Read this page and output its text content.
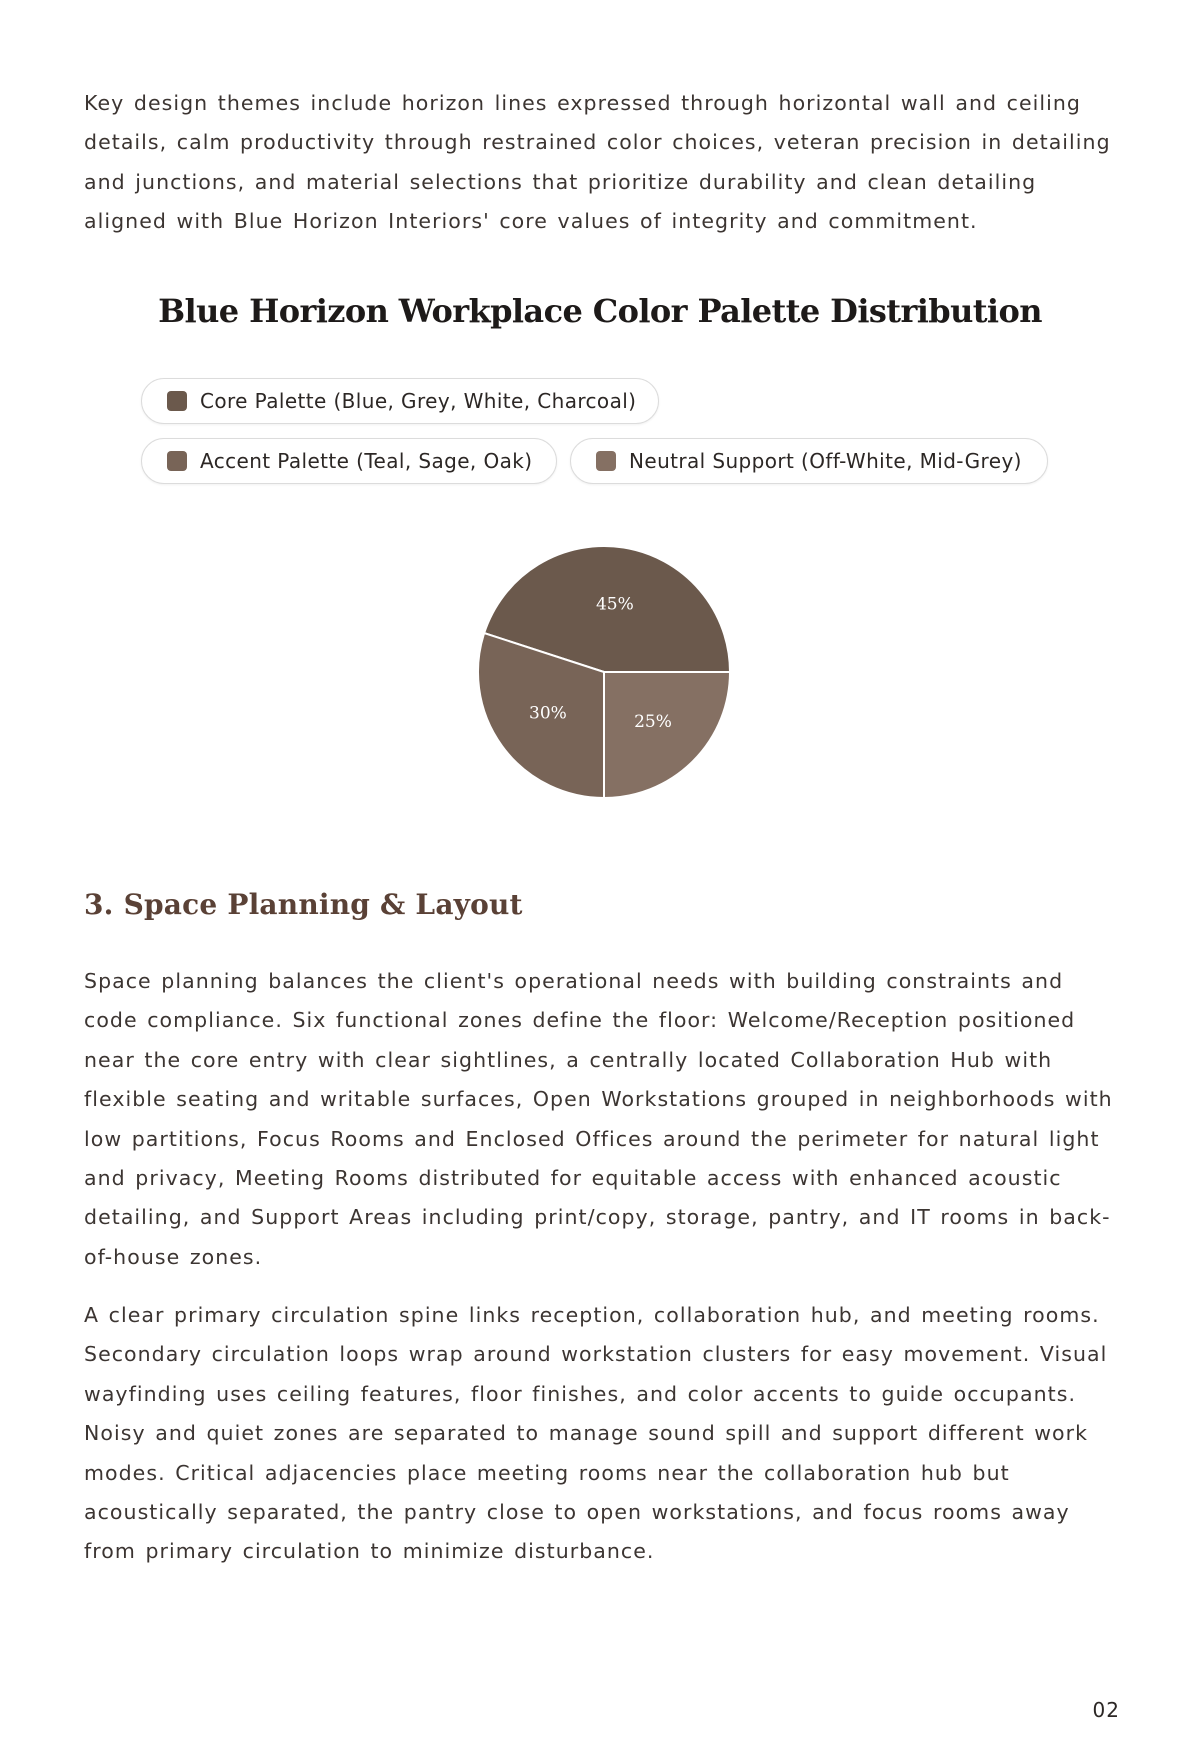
Key design themes include horizon lines expressed through horizontal wall and ceiling details, calm productivity through restrained color choices, veteran precision in detailing and junctions, and material selections that prioritize durability and clean detailing aligned with Blue Horizon Interiors' core values of integrity and commitment.

Blue Horizon Workplace Color Palette Distribution
Core Palette (Blue, Grey, White, Charcoal)
Accent Palette (Teal, Sage, Oak)	Neutral Support (Off-White, Mid-Grey)
45%
30%	25%
3. Space Planning & Layout

Space planning balances the client's operational needs with building constraints and code compliance. Six functional zones define the floor: Welcome/Reception positioned near the core entry with clear sightlines, a centrally located Collaboration Hub with flexible seating and writable surfaces, Open Workstations grouped in neighborhoods with low partitions, Focus Rooms and Enclosed Offices around the perimeter for natural light and privacy, Meeting Rooms distributed for equitable access with enhanced acoustic detailing, and Support Areas including print/copy, storage, pantry, and IT rooms in back-of-house zones.

A clear primary circulation spine links reception, collaboration hub, and meeting rooms. Secondary circulation loops wrap around workstation clusters for easy movement. Visual wayfinding uses ceiling features, floor finishes, and color accents to guide occupants. Noisy and quiet zones are separated to manage sound spill and support different work modes. Critical adjacencies place meeting rooms near the collaboration hub but acoustically separated, the pantry close to open workstations, and focus rooms away from primary circulation to minimize disturbance.

02
